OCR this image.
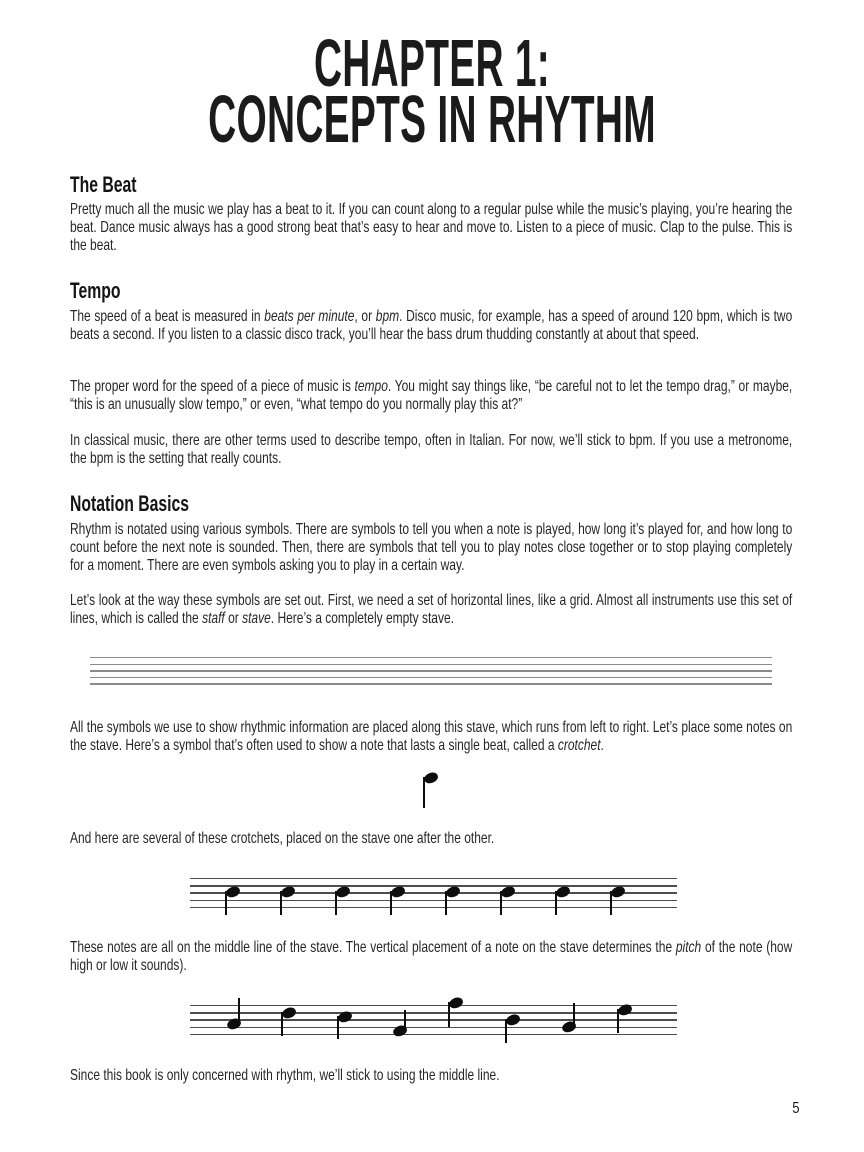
CHAPTER 1:
CONCEPTS IN RHYTHM
The Beat

Pretty much all the music we play has a beat to it. If you can count along to a regular pulse while the music’s playing, you’re hearing the beat. Dance music always has a good strong beat that’s easy to hear and move to. Listen to a piece of music. Clap to the pulse. This is the beat.

Tempo

The speed of a beat is measured in beats per minute, or bpm. Disco music, for example, has a speed of around 120 bpm, which is two beats a second. If you listen to a classic disco track, you’ll hear the bass drum thudding constantly at about that speed.

The proper word for the speed of a piece of music is tempo. You might say things like, “be careful not to let the tempo drag,” or maybe, “this is an unusually slow tempo,” or even, “what tempo do you normally play this at?”

In classical music, there are other terms used to describe tempo, often in Italian. For now, we’ll stick to bpm. If you use a metronome, the bpm is the setting that really counts.

Notation Basics

Rhythm is notated using various symbols. There are symbols to tell you when a note is played, how long it’s played for, and how long to count before the next note is sounded. Then, there are symbols that tell you to play notes close together or to stop playing completely for a moment. There are even symbols asking you to play in a certain way.

Let’s look at the way these symbols are set out. First, we need a set of horizontal lines, like a grid. Almost all instruments use this set of lines, which is called the staff or stave. Here’s a completely empty stave.

All the symbols we use to show rhythmic information are placed along this stave, which runs from left to right. Let’s place some notes on the stave. Here’s a symbol that’s often used to show a note that lasts a single beat, called a crotchet.

And here are several of these crotchets, placed on the stave one after the other.

These notes are all on the middle line of the stave. The vertical placement of a note on the stave determines the pitch of the note (how high or low it sounds).

Since this book is only concerned with rhythm, we’ll stick to using the middle line.

5
